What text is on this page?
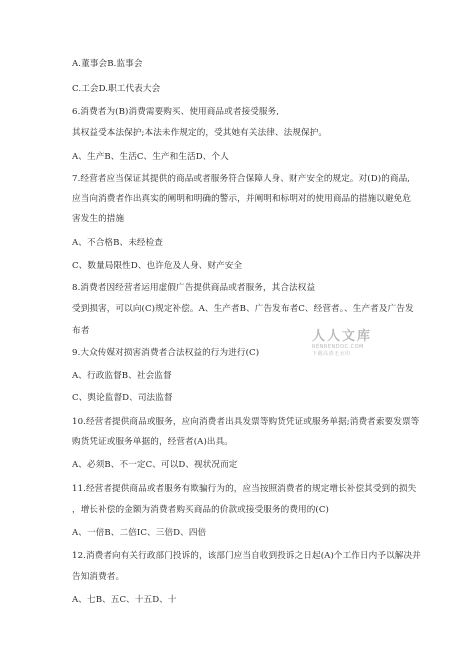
A.董事会B.监事会
C.工会D.职工代表大会
6.消费者为(B)消费需要购买、使用商品或者接受服务,
其权益受本法保护;本法未作规定的，受其她有关法律、法规保护。
A、生产B、生活C、生产和生活D、个人
7.经营者应当保证其提供的商品或者服务符合保障人身、财产安全的规定。对(D)的商品,
应当向消费者作出真实的阐明和明确的警示，并阐明和标明对的使用商品的措施以避免危
害发生的措施
A、不合格B、未经检查
C、数量局限性D、也许危及人身、财产安全
8.消费者因经营者运用虚假广告提供商品或者服务，其合法权益
受到损害，可以向(C)规定补偿。A、生产者B、广告发布者C、经营者。、生产者及广告发
布者
9.大众传媒对损害消费者合法权益的行为进行(C)
A、行政监督B、社会监督
C、舆论监督D、司法监督
10.经营者提供商品或服务，应向消费者出具发票等购货凭证或服务单据;消费者索要发票等
购货凭证或服务单据的，经营者(A)出具。
A、必须B、不一定C、可以D、视状况而定
11.经营者提供商品或者服务有欺骗行为的，应当按照消费者的规定增长补偿其受到的损失
，增长补偿的金额为消费者购买商品的价款或接受服务的费用的(C)
A、一倍B、二倍IC、三倍D、四倍
12.消费者向有关行政部门投诉的，该部门应当自收到投诉之日起(A)个工作日内予以解决并
告知消费者。
A、七B、五C、十五D、十
人人文库
RENRENDOC.COM
下载高清无水印
